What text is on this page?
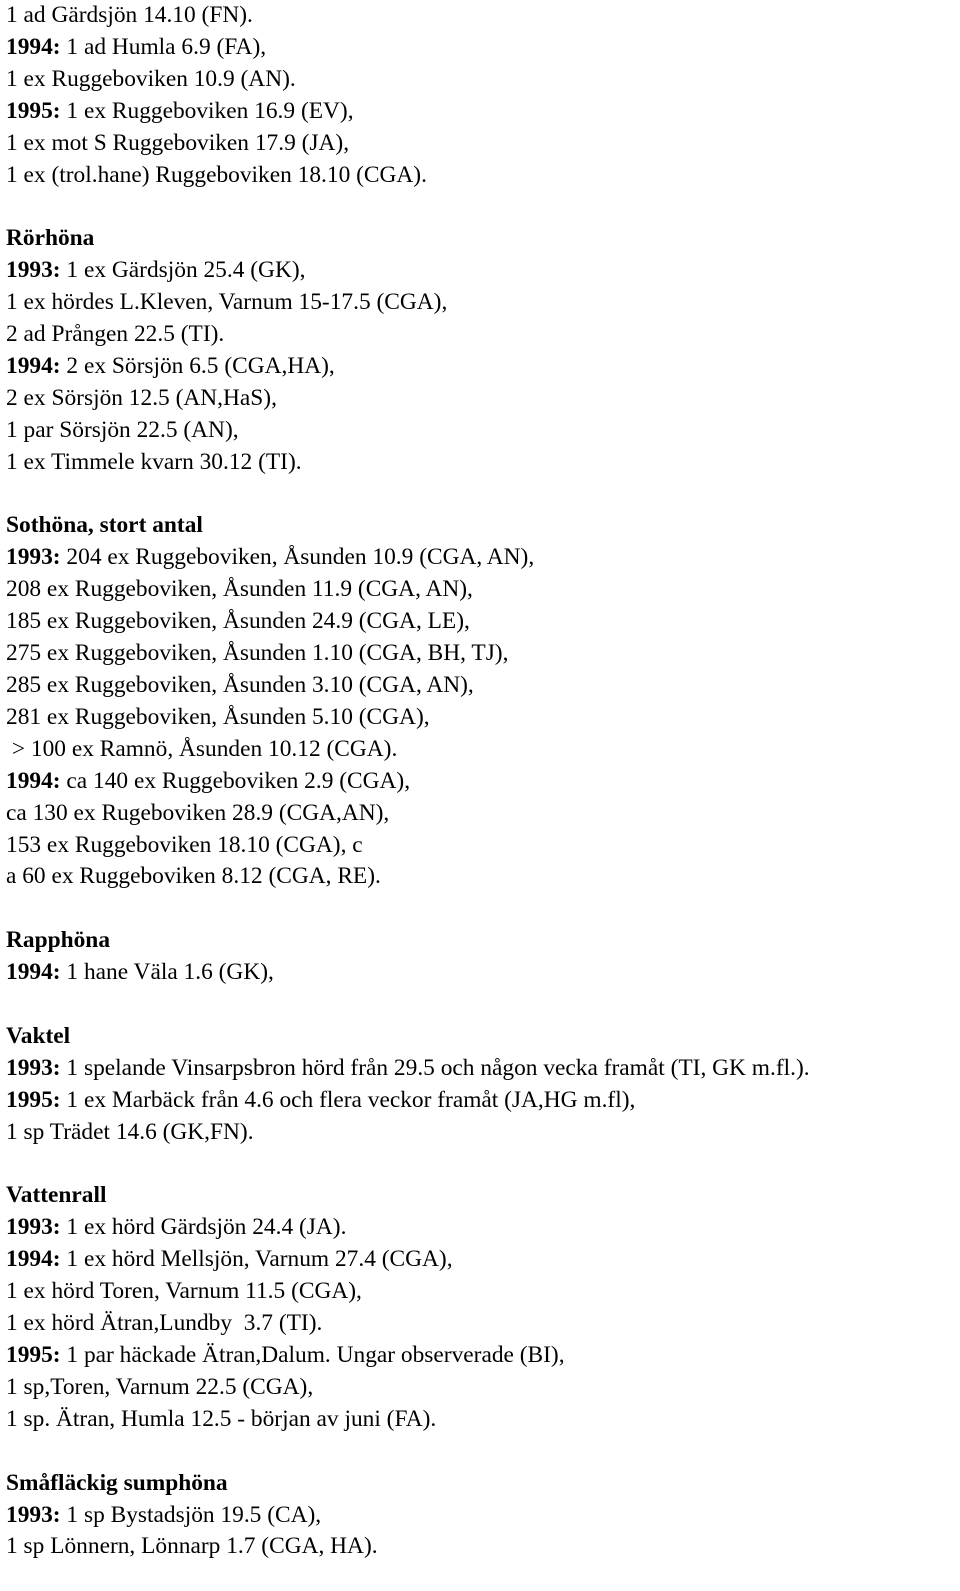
1 ad Gärdsjön 14.10 (FN).
1994: 1 ad Humla 6.9 (FA),
1 ex Ruggeboviken 10.9 (AN).
1995: 1 ex Ruggeboviken 16.9 (EV),
1 ex mot S Ruggeboviken 17.9 (JA),
1 ex (trol.hane) Ruggeboviken 18.10 (CGA).
Rörhöna
1993: 1 ex Gärdsjön 25.4 (GK),
1 ex hördes L.Kleven, Varnum 15-17.5 (CGA),
2 ad Prången 22.5 (TI).
1994: 2 ex Sörsjön 6.5 (CGA,HA),
2 ex Sörsjön 12.5 (AN,HaS),
1 par Sörsjön 22.5 (AN),
1 ex Timmele kvarn 30.12 (TI).
Sothöna, stort antal
1993: 204 ex Ruggeboviken, Åsunden 10.9 (CGA, AN),
208 ex Ruggeboviken, Åsunden 11.9 (CGA, AN),
185 ex Ruggeboviken, Åsunden 24.9 (CGA, LE),
275 ex Ruggeboviken, Åsunden 1.10 (CGA, BH, TJ),
285 ex Ruggeboviken, Åsunden 3.10 (CGA, AN),
281 ex Ruggeboviken, Åsunden 5.10 (CGA),
> 100 ex Ramnö, Åsunden 10.12 (CGA).
1994: ca 140 ex Ruggeboviken 2.9 (CGA),
ca 130 ex Rugeboviken 28.9 (CGA,AN),
153 ex Ruggeboviken 18.10 (CGA), c
a 60 ex Ruggeboviken 8.12 (CGA, RE).
Rapphöna
1994: 1 hane Väla 1.6 (GK),
Vaktel
1993: 1 spelande Vinsarpsbron hörd från 29.5 och någon vecka framåt (TI, GK m.fl.).
1995: 1 ex Marbäck från 4.6 och flera veckor framåt (JA,HG m.fl),
1 sp Trädet 14.6 (GK,FN).
Vattenrall
1993: 1 ex hörd Gärdsjön 24.4 (JA).
1994: 1 ex hörd Mellsjön, Varnum 27.4 (CGA),
1 ex hörd Toren, Varnum 11.5 (CGA),
1 ex hörd Ätran,Lundby  3.7 (TI).
1995: 1 par häckade Ätran,Dalum. Ungar observerade (BI),
1 sp,Toren, Varnum 22.5 (CGA),
1 sp. Ätran, Humla 12.5 - början av juni (FA).
Småfläckig sumphöna
1993: 1 sp Bystadsjön 19.5 (CA),
1 sp Lönnern, Lönnarp 1.7 (CGA, HA).
